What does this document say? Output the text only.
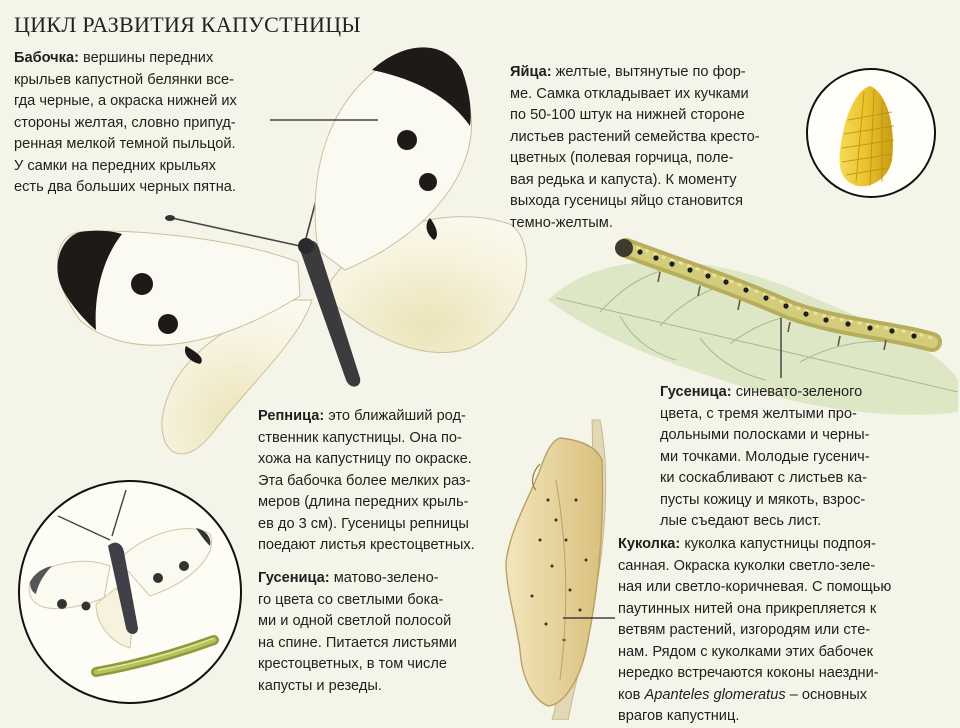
ЦИКЛ РАЗВИТИЯ КАПУСТНИЦЫ
Бабочка: вершины передних
крыльев капустной белянки все-
гда черные, а окраска нижней их
стороны желтая, словно припуд-
ренная мелкой темной пыльцой.
У самки на передних крыльях
есть два больших черных пятна.
Яйца: желтые, вытянутые по фор-
ме. Самка откладывает их кучками
по 50-100 штук на нижней стороне
листьев растений семейства кресто-
цветных (полевая горчица, поле-
вая редька и капуста). К моменту
выхода гусеницы яйцо становится
темно-желтым.
Гусеница: синевато-зеленого
цвета, с тремя желтыми про-
дольными полосками и черны-
ми точками. Молодые гусенич-
ки соскабливают с листьев ка-
пусты кожицу и мякоть, взрос-
лые съедают весь лист.
Репница: это ближайший род-
ственник капустницы. Она по-
хожа на капустницу по окраске.
Эта бабочка более мелких раз-
меров (длина передних крыль-
ев до 3 см). Гусеницы репницы
поедают листья крестоцветных.
Гусеница: матово-зелено-
го цвета со светлыми бока-
ми и одной светлой полосой
на спине. Питается листьями
крестоцветных, в том числе
капусты и резеды.
Куколка: куколка капустницы подпоя-
санная. Окраска куколки светло-зеле-
ная или светло-коричневая. С помощью
паутинных нитей она прикрепляется к
ветвям растений, изгородям или сте-
нам. Рядом с куколками этих бабочек
нередко встречаются коконы наездни-
ков Apanteles glomeratus – основных
врагов капустниц.
